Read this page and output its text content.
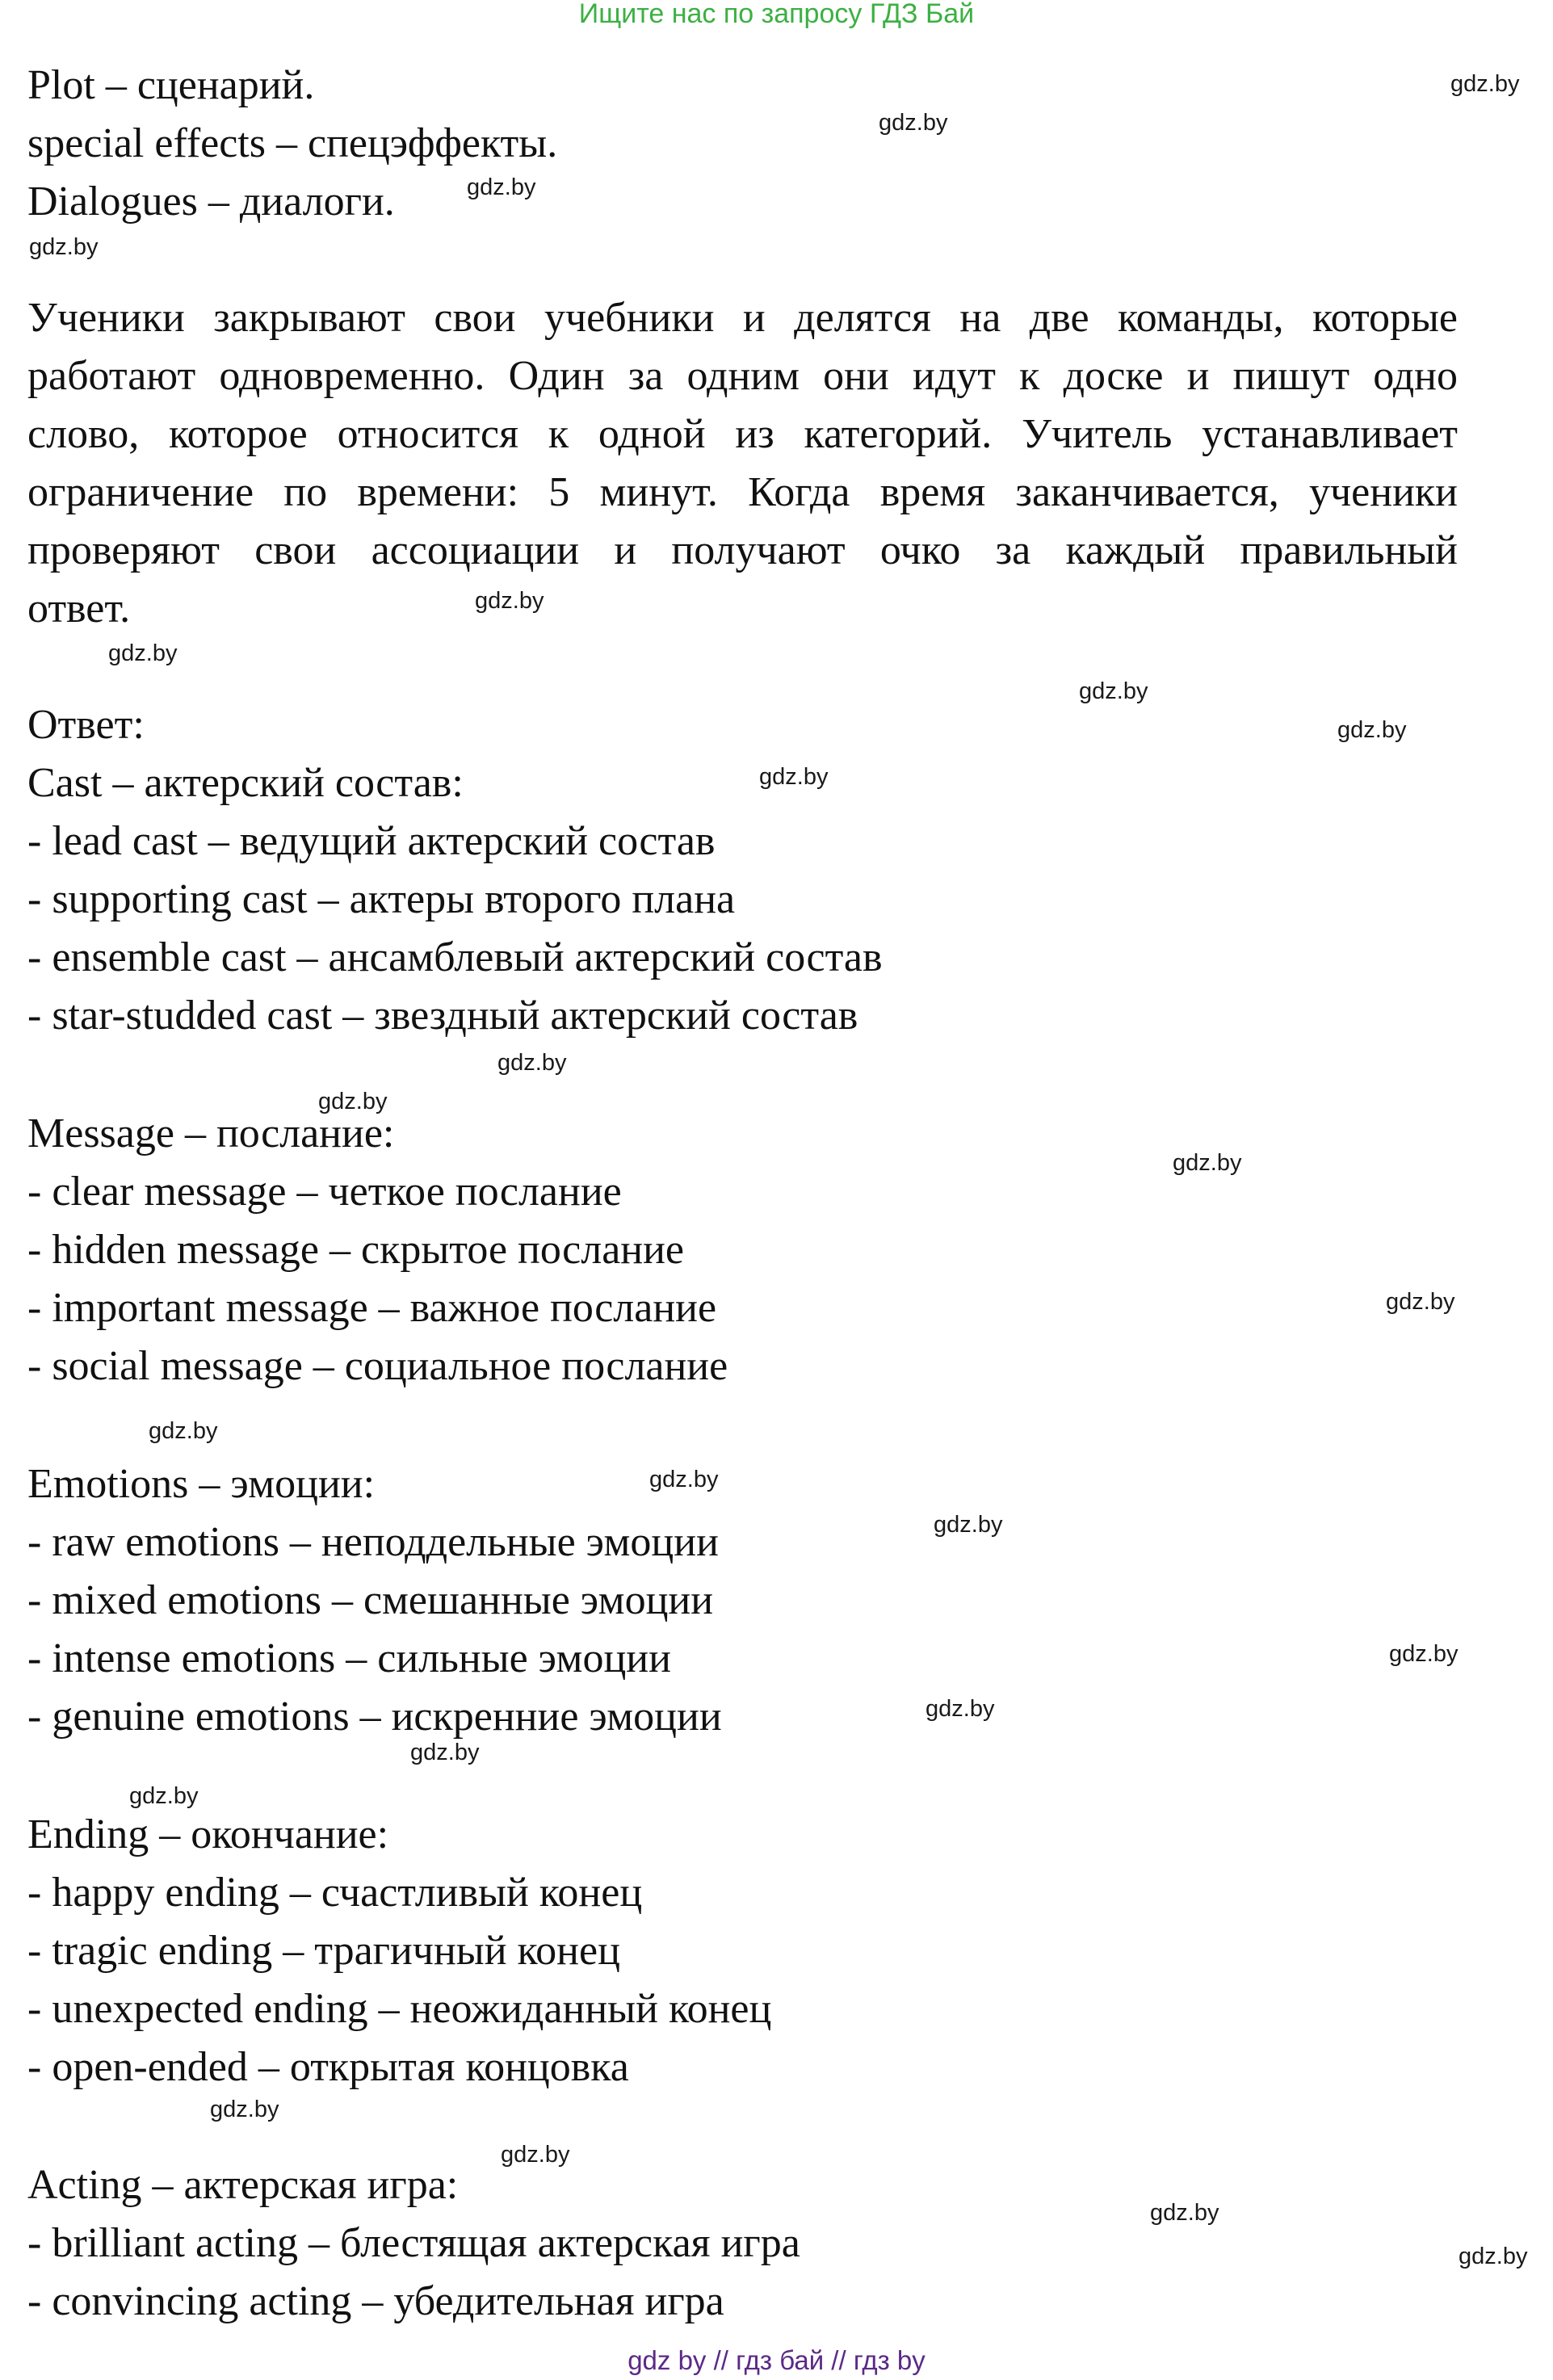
Ищите нас по запросу ГДЗ Бай

Plot – сценарий.

special effects – спецэффекты.

Dialogues – диалоги.

Ученики закрывают свои учебники и делятся на две команды, которые

работают одновременно. Один за одним они идут к доске и пишут одно

слово, которое относится к одной из категорий. Учитель устанавливает

ограничение по времени: 5 минут. Когда время заканчивается, ученики

проверяют свои ассоциации и получают очко за каждый правильный

ответ.

Ответ:

Cast – актерский состав:

- lead cast – ведущий актерский состав

- supporting cast – актеры второго плана

- ensemble cast – ансамблевый актерский состав

- star-studded cast – звездный актерский состав

Message – послание:

- clear message – четкое послание

- hidden message – скрытое послание

- important message – важное послание

- social message – социальное послание

Emotions – эмоции:

- raw emotions – неподдельные эмоции

- mixed emotions – смешанные эмоции

- intense emotions – сильные эмоции

- genuine emotions – искренние эмоции

Ending – окончание:

- happy ending – счастливый конец

- tragic ending – трагичный конец

- unexpected ending – неожиданный конец

- open-ended – открытая концовка

Acting – актерская игра:

- brilliant acting – блестящая актерская игра

- convincing acting – убедительная игра

gdz.by
gdz.by
gdz.by
gdz.by
gdz.by
gdz.by
gdz.by
gdz.by
gdz.by
gdz.by
gdz.by
gdz.by
gdz.by
gdz.by
gdz.by
gdz.by
gdz.by
gdz.by
gdz.by
gdz.by
gdz.by
gdz.by
gdz.by
gdz.by
gdz by // гдз бай // гдз by
